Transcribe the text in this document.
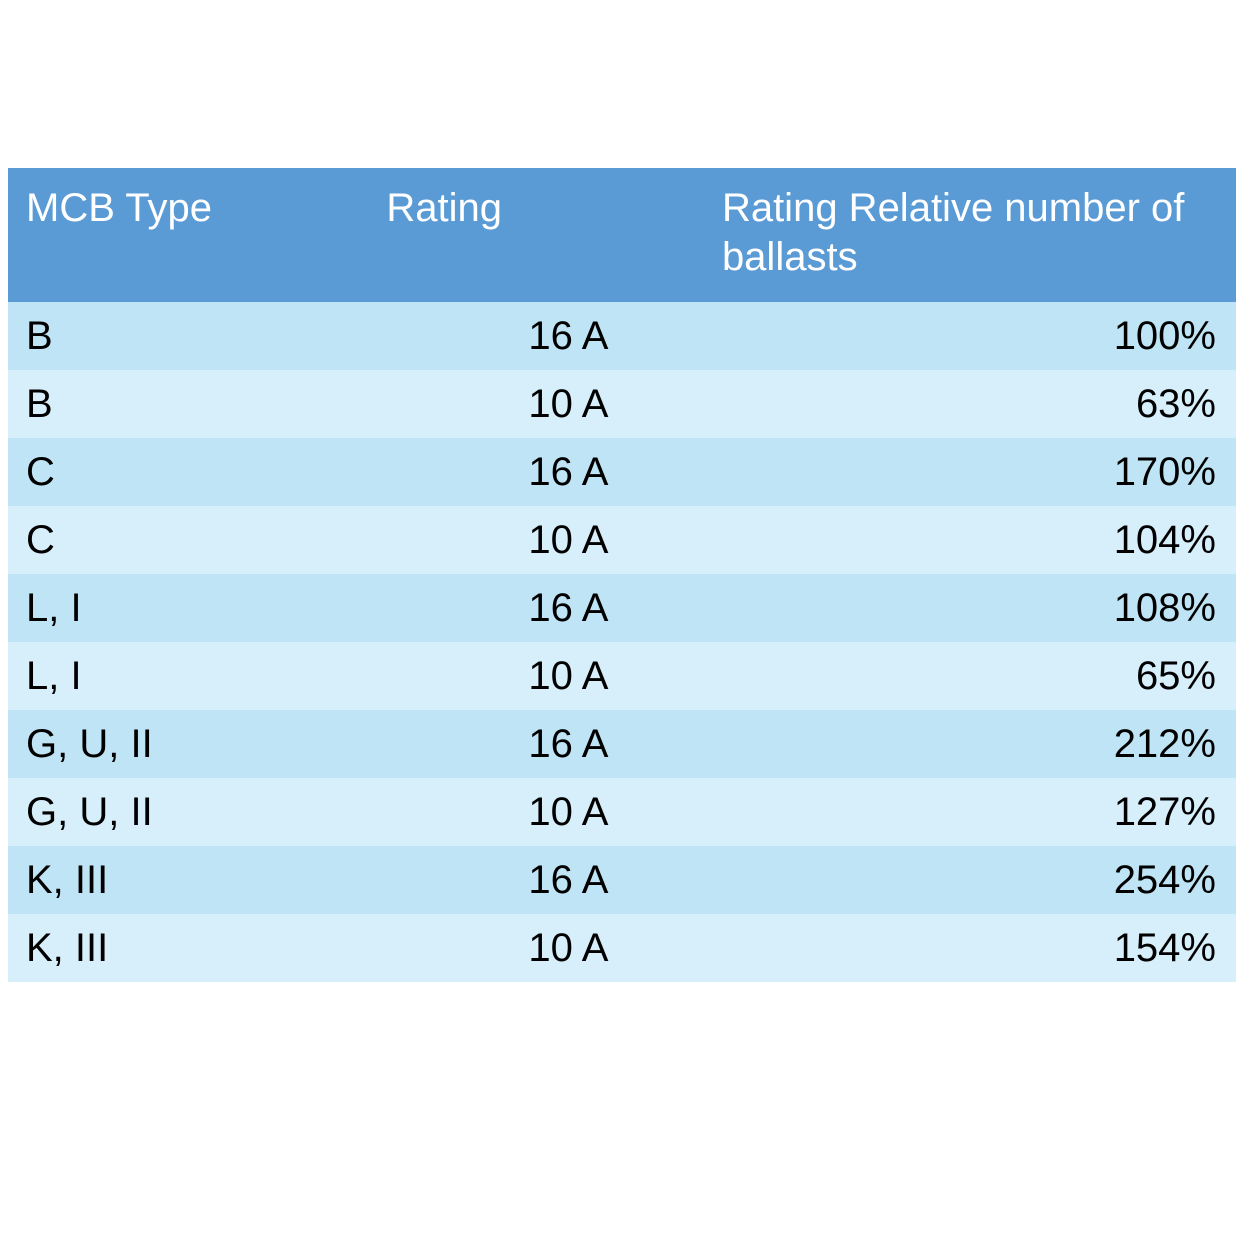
MCB Type	Rating	Rating Relative number of ballasts
B	16 A	100%
B	10 A	63%
C	16 A	170%
C	10 A	104%
L, I	16 A	108%
L, I	10 A	65%
G, U, II	16 A	212%
G, U, II	10 A	127%
K, III	16 A	254%
K, III	10 A	154%
